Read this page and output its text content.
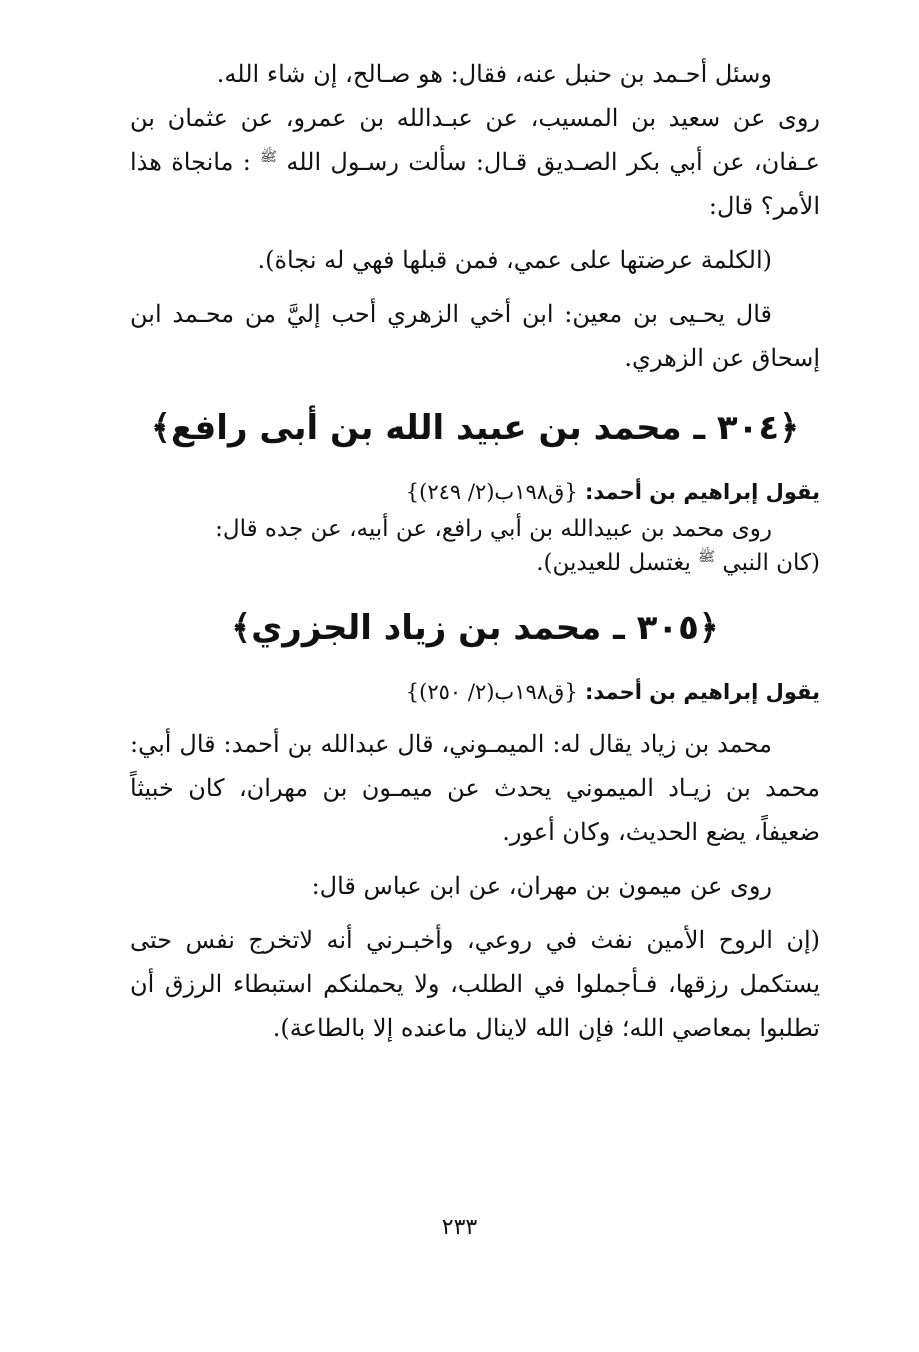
وسئل أحـمد بن حنبل عنه، فقال: هو صـالح، إن شاء الله.

روى عن سعيد بن المسيب، عن عبـدالله بن عمرو، عن عثمان بن عـفان، عن أبي بكر الصـديق قـال: سألت رسـول الله ﷺ : مانجاة هذا الأمر؟ قال:

(الكلمة عرضتها على عمي، فمن قبلها فهي له نجاة).

قال يحـيى بن معين: ابن أخي الزهري أحب إليَّ من محـمد ابن إسحاق عن الزهري.

﴿٣٠٤ ـ محمد بن عبيد الله بن أبى رافع﴾

يقول إبراهيم بن أحمد: {ق١٩٨ب(٢/ ٢٤٩)}

روى محمد بن عبيدالله بن أبي رافع، عن أبيه، عن جده قال:

(كان النبي ﷺ يغتسل للعيدين).

﴿٣٠٥ ـ محمد بن زياد الجزري﴾

يقول إبراهيم بن أحمد: {ق١٩٨ب(٢/ ٢٥٠)}

محمد بن زياد يقال له: الميمـوني، قال عبدالله بن أحمد: قال أبي: محمد بن زيـاد الميموني يحدث عن ميمـون بن مهران، كان خبيثاً ضعيفاً، يضع الحديث، وكان أعور.

روى عن ميمون بن مهران، عن ابن عباس قال:

(إن الروح الأمين نفث في روعي، وأخبـرني أنه لاتخرج نفس حتى يستكمل رزقها، فـأجملوا في الطلب، ولا يحملنكم استبطاء الرزق أن تطلبوا بمعاصي الله؛ فإن الله لاينال ماعنده إلا بالطاعة).

٢٣٣
